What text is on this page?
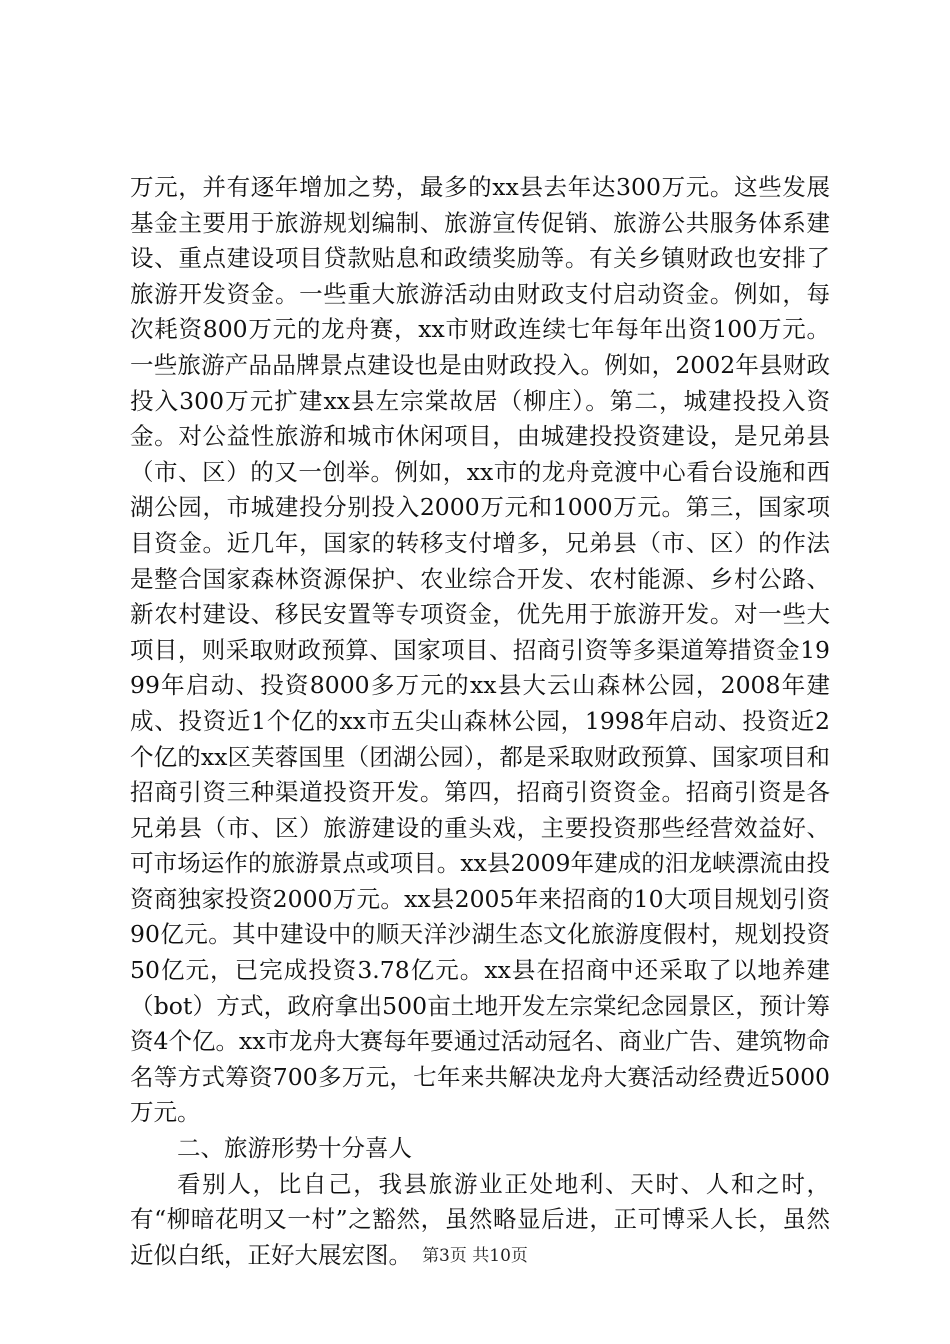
万元，并有逐年增加之势，最多的xx县去年达300万元。这些发展基金主要用于旅游规划编制、旅游宣传促销、旅游公共服务体系建设、重点建设项目贷款贴息和政绩奖励等。有关乡镇财政也安排了旅游开发资金。一些重大旅游活动由财政支付启动资金。例如，每次耗资800万元的龙舟赛，xx市财政连续七年每年出资100万元。一些旅游产品品牌景点建设也是由财政投入。例如，2002年县财政投入300万元扩建xx县左宗棠故居（柳庄）。第二，城建投投入资金。对公益性旅游和城市休闲项目，由城建投投资建设，是兄弟县（市、区）的又一创举。例如，xx市的龙舟竞渡中心看台设施和西湖公园，市城建投分别投入2000万元和1000万元。第三，国家项目资金。近几年，国家的转移支付增多，兄弟县（市、区）的作法是整合国家森林资源保护、农业综合开发、农村能源、乡村公路、新农村建设、移民安置等专项资金，优先用于旅游开发。对一些大项目，则采取财政预算、国家项目、招商引资等多渠道筹措资金1999年启动、投资8000多万元的xx县大云山森林公园，2008年建成、投资近1个亿的xx市五尖山森林公园，1998年启动、投资近2个亿的xx区芙蓉国里（团湖公园），都是采取财政预算、国家项目和招商引资三种渠道投资开发。第四，招商引资资金。招商引资是各兄弟县（市、区）旅游建设的重头戏，主要投资那些经营效益好、可市场运作的旅游景点或项目。xx县2009年建成的汨龙峡漂流由投资商独家投资2000万元。xx县2005年来招商的10大项目规划引资90亿元。其中建设中的顺天洋沙湖生态文化旅游度假村，规划投资50亿元，已完成投资3.78亿元。xx县在招商中还采取了以地养建（bot）方式，政府拿出500亩土地开发左宗棠纪念园景区，预计筹资4个亿。xx市龙舟大赛每年要通过活动冠名、商业广告、建筑物命名等方式筹资700多万元，七年来共解决龙舟大赛活动经费近5000万元。

二、旅游形势十分喜人

看别人，比自己，我县旅游业正处地利、天时、人和之时，有“柳暗花明又一村”之豁然，虽然略显后进，正可博采人长，虽然近似白纸，正好大展宏图。 第3页 共10页
